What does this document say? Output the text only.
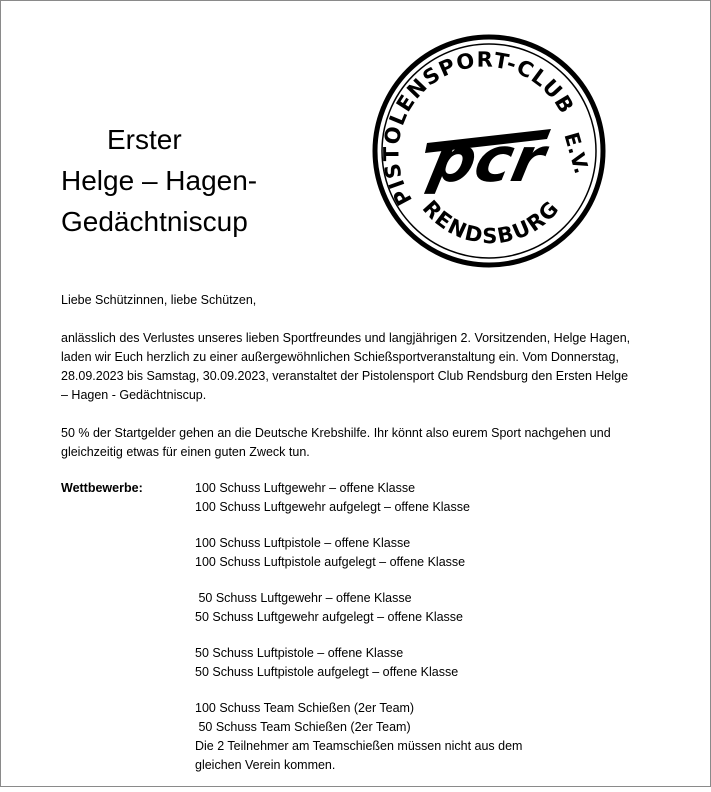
Erster
Helge – Hagen-
Gedächtniscup
PISTOLENSPORT-CLUB
E.V.
RENDSBURG
pcr

Liebe Schützinnen, liebe Schützen,

anlässlich des Verlustes unseres lieben Sportfreundes und langjährigen 2. Vorsitzenden, Helge Hagen,
laden wir Euch herzlich zu einer außergewöhnlichen Schießsportveranstaltung ein. Vom Donnerstag,
28.09.2023 bis Samstag, 30.09.2023, veranstaltet der Pistolensport Club Rendsburg den Ersten Helge
– Hagen - Gedächtniscup.

50 % der Startgelder gehen an die Deutsche Krebshilfe. Ihr könnt also eurem Sport nachgehen und
gleichzeitig etwas für einen guten Zweck tun.

Wettbewerbe:	100 Schuss Luftgewehr – offene Klasse
100 Schuss Luftgewehr aufgelegt – offene Klasse
100 Schuss Luftpistole – offene Klasse
100 Schuss Luftpistole aufgelegt – offene Klasse
50 Schuss Luftgewehr – offene Klasse
50 Schuss Luftgewehr aufgelegt – offene Klasse
50 Schuss Luftpistole – offene Klasse
50 Schuss Luftpistole aufgelegt – offene Klasse
100 Schuss Team Schießen (2er Team)
50 Schuss Team Schießen (2er Team)
Die 2 Teilnehmer am Teamschießen müssen nicht aus dem
gleichen Verein kommen.
